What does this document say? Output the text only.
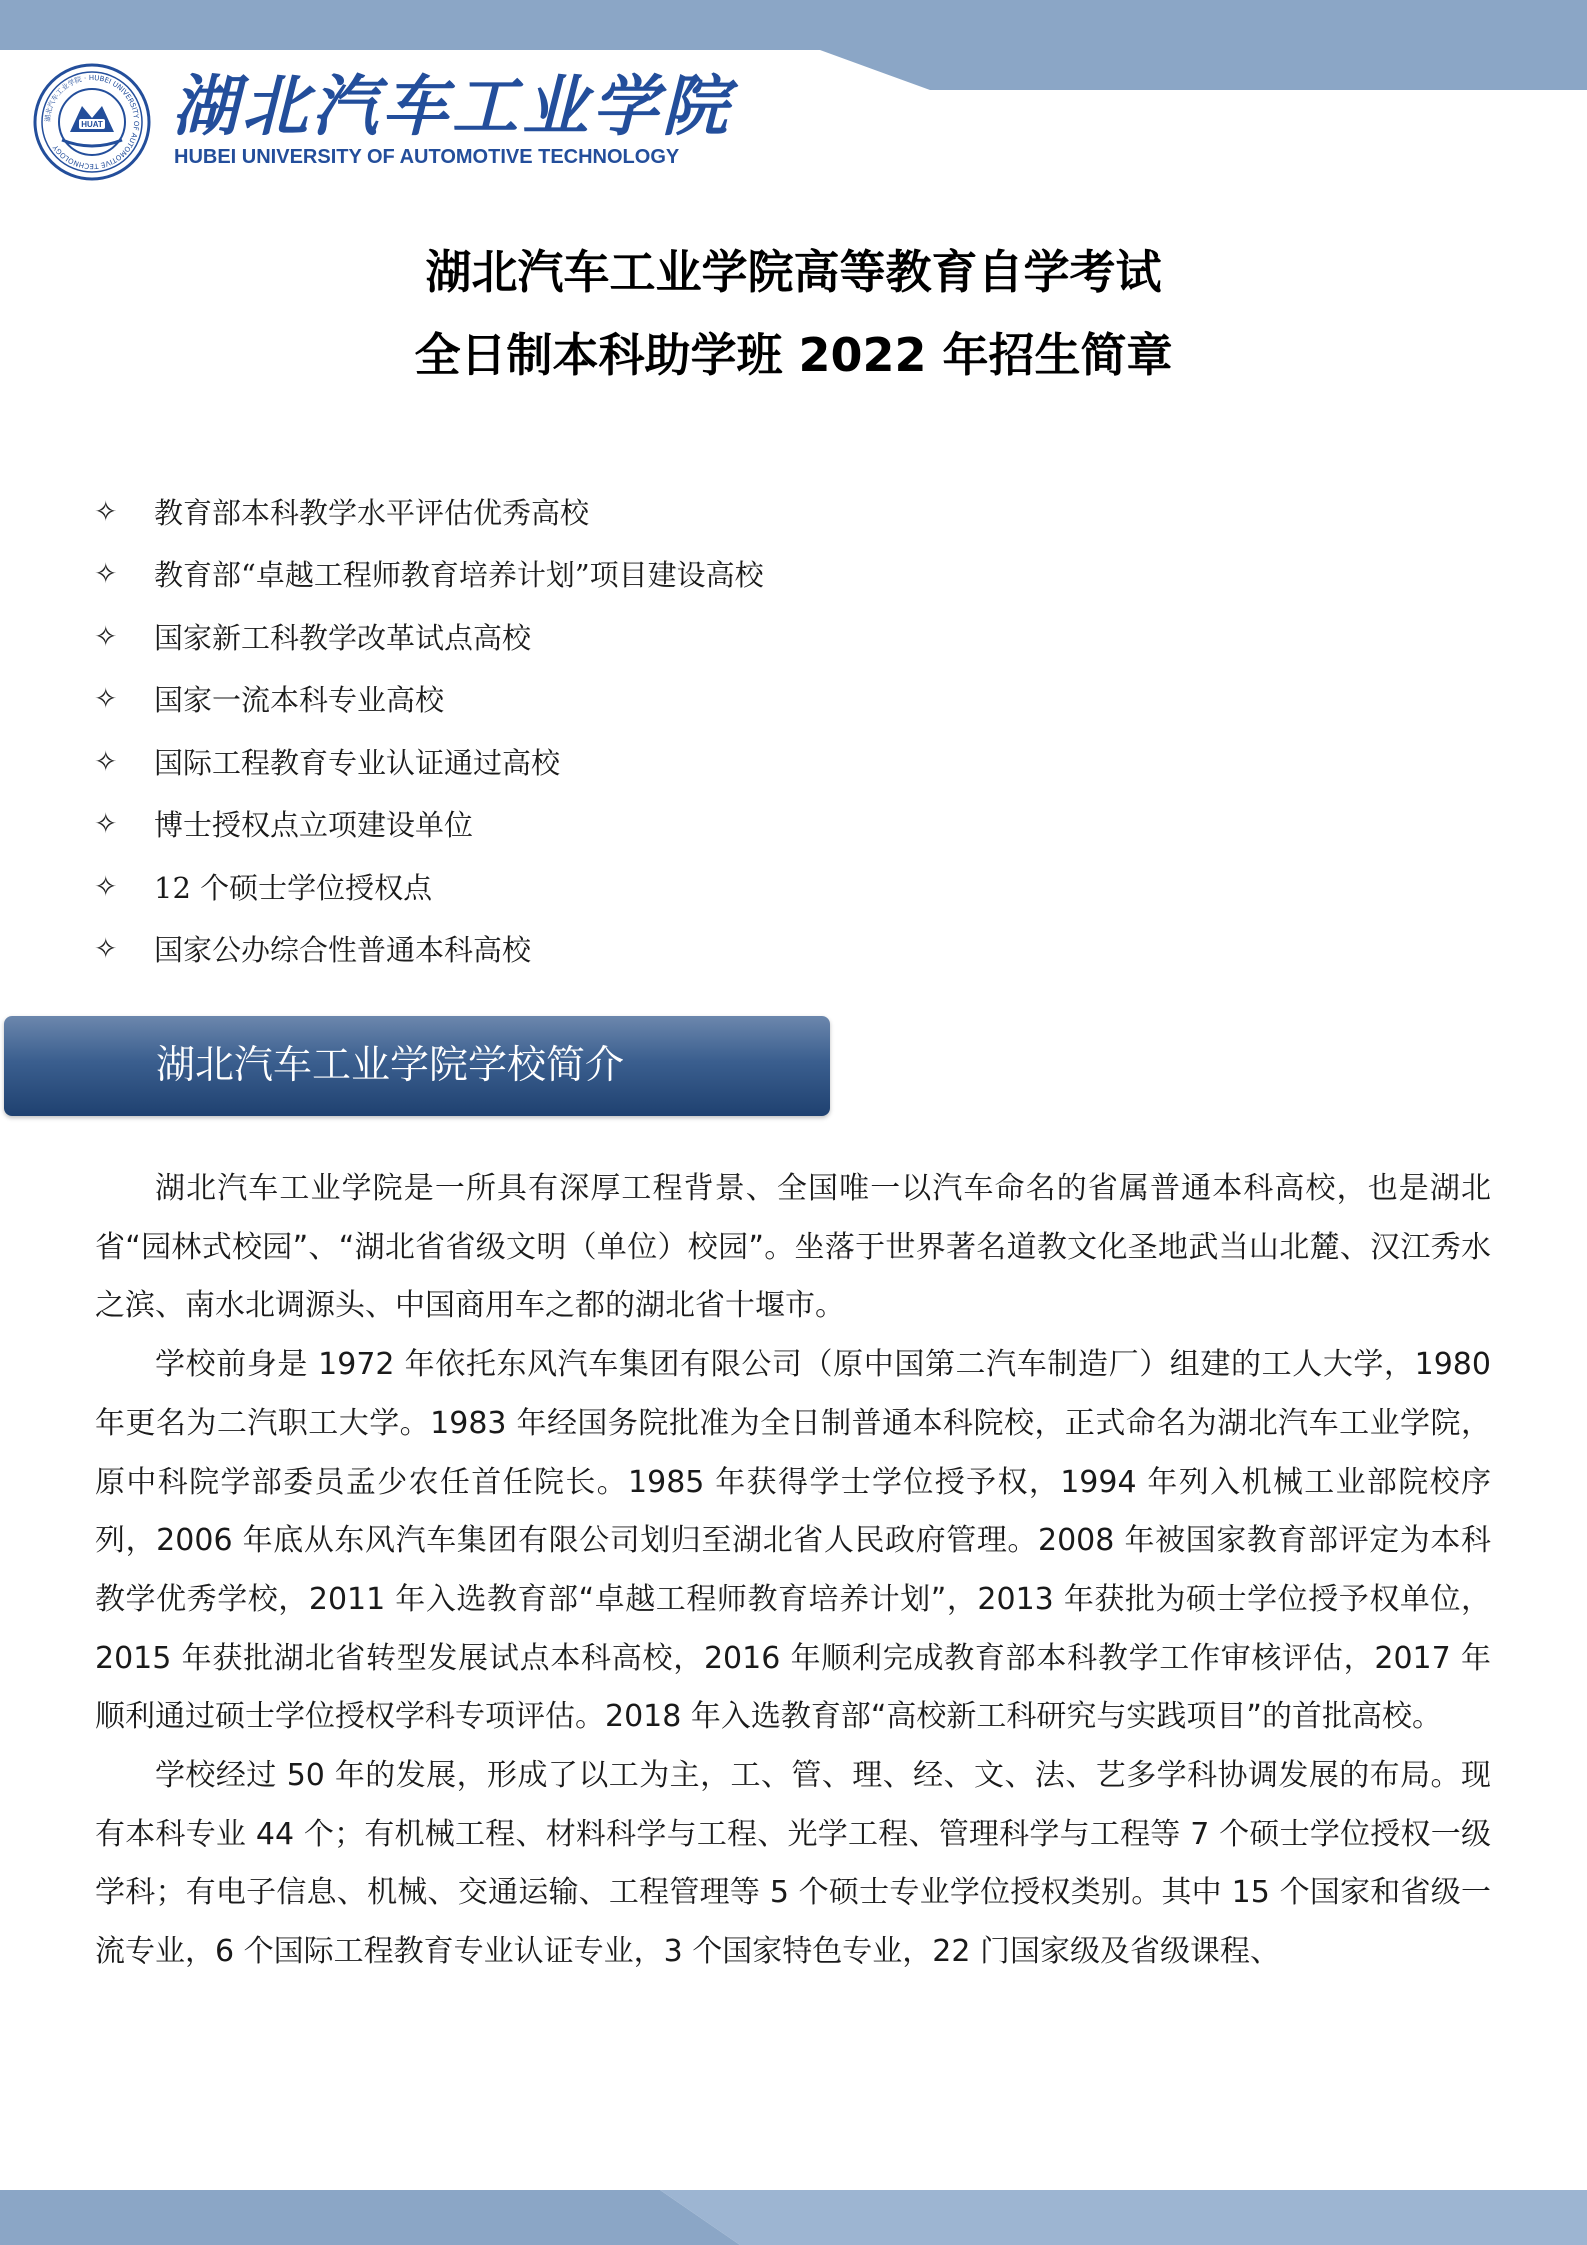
HUAT
湖北汽车工业学院 · HUBEI UNIVERSITY OF AUTOMOTIVE TECHNOLOGY
湖北汽车工业学院
HUBEI UNIVERSITY OF AUTOMOTIVE TECHNOLOGY
湖北汽车工业学院高等教育自学考试
全日制本科助学班 2022 年招生简章
✧	教育部本科教学水平评估优秀高校
✧	教育部“卓越工程师教育培养计划”项目建设高校
✧	国家新工科教学改革试点高校
✧	国家一流本科专业高校
✧	国际工程教育专业认证通过高校
✧	博士授权点立项建设单位
✧	12 个硕士学位授权点
✧	国家公办综合性普通本科高校
湖北汽车工业学院学校简介

湖北汽车工业学院是一所具有深厚工程背景、全国唯一以汽车命名的省属普通本科高校，也是湖北省“园林式校园”、“湖北省省级文明（单位）校园”。坐落于世界著名道教文化圣地武当山北麓、汉江秀水之滨、南水北调源头、中国商用车之都的湖北省十堰市。

学校前身是 1972 年依托东风汽车集团有限公司（原中国第二汽车制造厂）组建的工人大学，1980 年更名为二汽职工大学。1983 年经国务院批准为全日制普通本科院校，正式命名为湖北汽车工业学院，原中科院学部委员孟少农任首任院长。1985 年获得学士学位授予权，1994 年列入机械工业部院校序列，2006 年底从东风汽车集团有限公司划归至湖北省人民政府管理。2008 年被国家教育部评定为本科教学优秀学校，2011 年入选教育部“卓越工程师教育培养计划”，2013 年获批为硕士学位授予权单位，2015 年获批湖北省转型发展试点本科高校，2016 年顺利完成教育部本科教学工作审核评估，2017 年顺利通过硕士学位授权学科专项评估。2018 年入选教育部“高校新工科研究与实践项目”的首批高校。

学校经过 50 年的发展，形成了以工为主，工、管、理、经、文、法、艺多学科协调发展的布局。现有本科专业 44 个；有机械工程、材料科学与工程、光学工程、管理科学与工程等 7 个硕士学位授权一级学科；有电子信息、机械、交通运输、工程管理等 5 个硕士专业学位授权类别。其中 15 个国家和省级一流专业，6 个国际工程教育专业认证专业，3 个国家特色专业，22 门国家级及省级课程、
